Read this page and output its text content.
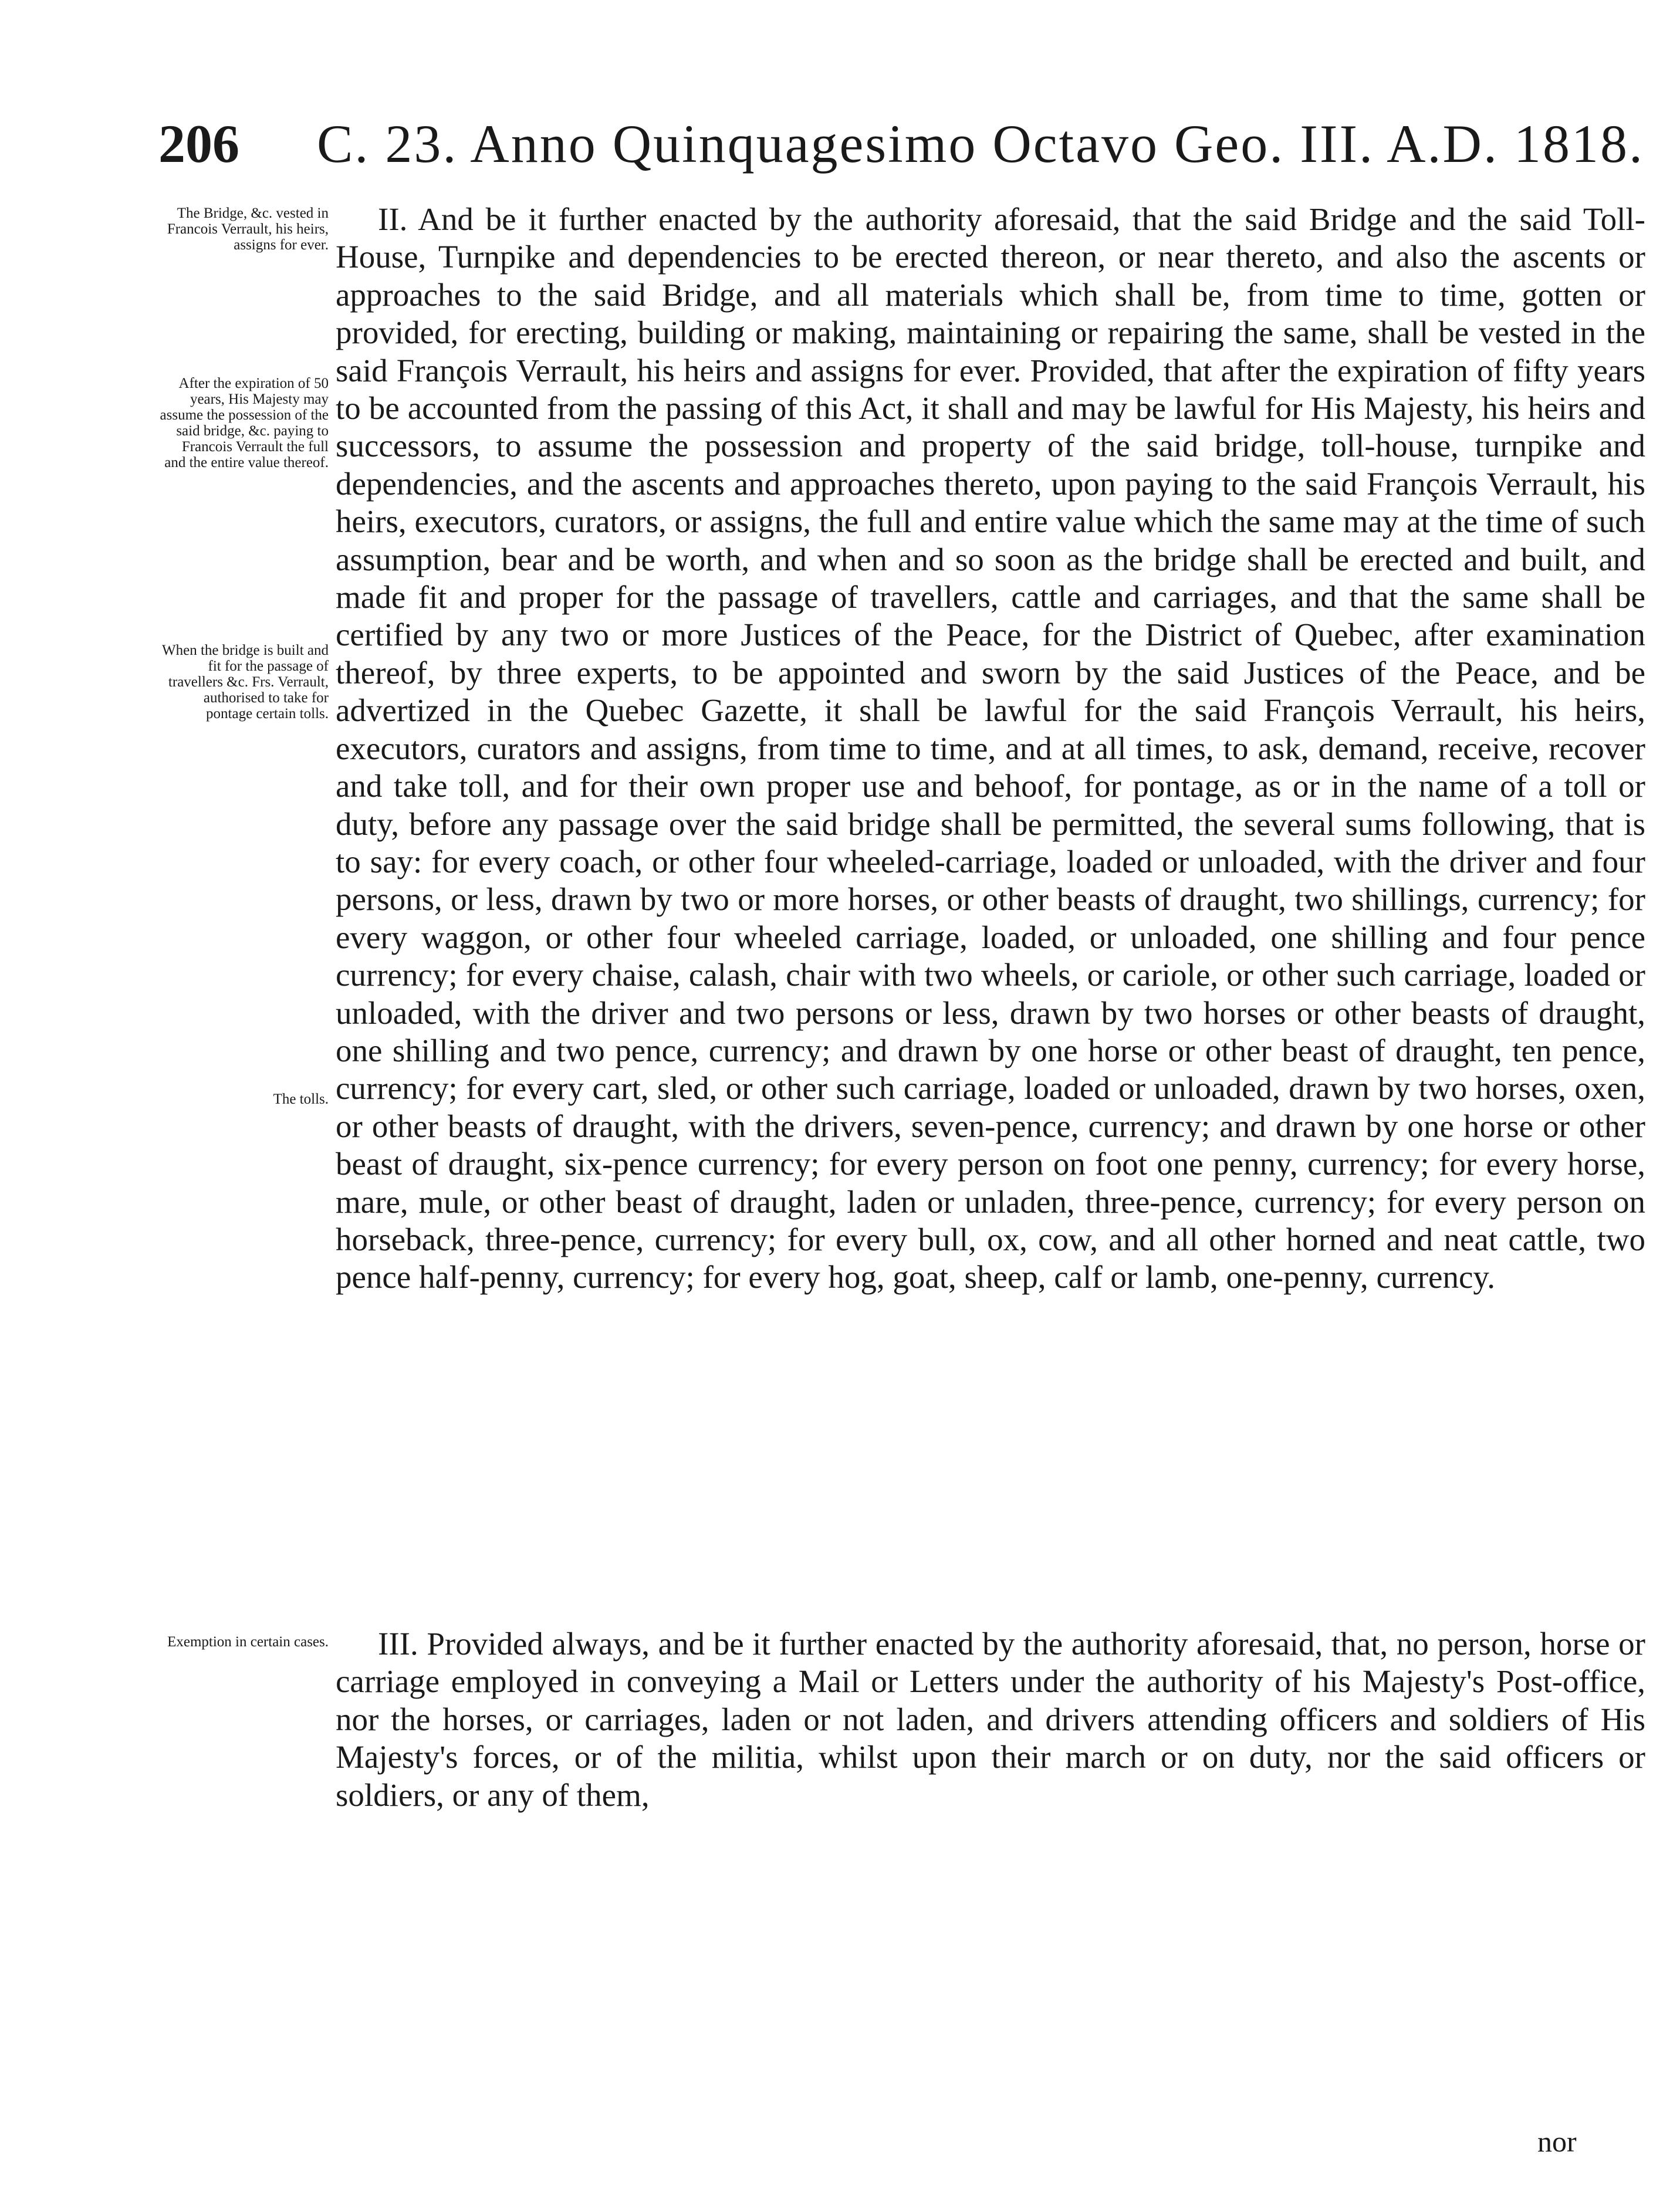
206 C. 23. Anno Quinquagesimo Octavo Geo. III. A.D. 1818.
The Bridge, &c. vested in Francois Verrault, his heirs, assigns for ever.
After the expiration of 50 years, His Majesty may assume the possession of the said bridge, &c. paying to Francois Verrault the full and the entire value thereof.
When the bridge is built and fit for the passage of travellers &c. Frs. Verrault, authorised to take for pontage certain tolls.
The tolls.
Exemption in certain cases.

II. And be it further enacted by the authority aforesaid, that the said Bridge and the said Toll-House, Turnpike and dependencies to be erected thereon, or near thereto, and also the ascents or approaches to the said Bridge, and all materials which shall be, from time to time, gotten or provided, for erecting, building or making, maintaining or repairing the same, shall be vested in the said François Verrault, his heirs and assigns for ever. Provided, that after the expiration of fifty years to be accounted from the passing of this Act, it shall and may be lawful for His Majesty, his heirs and successors, to assume the possession and property of the said bridge, toll-house, turnpike and dependencies, and the ascents and approaches thereto, upon paying to the said François Verrault, his heirs, executors, curators, or assigns, the full and entire value which the same may at the time of such assumption, bear and be worth, and when and so soon as the bridge shall be erected and built, and made fit and proper for the passage of travellers, cattle and carriages, and that the same shall be certified by any two or more Justices of the Peace, for the District of Quebec, after examination thereof, by three experts, to be appointed and sworn by the said Justices of the Peace, and be advertized in the Quebec Gazette, it shall be lawful for the said François Verrault, his heirs, executors, curators and assigns, from time to time, and at all times, to ask, demand, receive, recover and take toll, and for their own proper use and behoof, for pontage, as or in the name of a toll or duty, before any passage over the said bridge shall be permitted, the several sums following, that is to say: for every coach, or other four wheeled-carriage, loaded or unloaded, with the driver and four persons, or less, drawn by two or more horses, or other beasts of draught, two shillings, currency; for every waggon, or other four wheeled carriage, loaded, or unloaded, one shilling and four pence currency; for every chaise, calash, chair with two wheels, or cariole, or other such carriage, loaded or unloaded, with the driver and two persons or less, drawn by two horses or other beasts of draught, one shilling and two pence, currency; and drawn by one horse or other beast of draught, ten pence, currency; for every cart, sled, or other such carriage, loaded or unloaded, drawn by two horses, oxen, or other beasts of draught, with the drivers, seven-pence, currency; and drawn by one horse or other beast of draught, six-pence currency; for every person on foot one penny, currency; for every horse, mare, mule, or other beast of draught, laden or unladen, three-pence, currency; for every person on horseback, three-pence, currency; for every bull, ox, cow, and all other horned and neat cattle, two pence half-penny, currency; for every hog, goat, sheep, calf or lamb, one-penny, currency.

III. Provided always, and be it further enacted by the authority aforesaid, that, no person, horse or carriage employed in conveying a Mail or Letters under the authority of his Majesty's Post-office, nor the horses, or carriages, laden or not laden, and drivers attending officers and soldiers of His Majesty's forces, or of the militia, whilst upon their march or on duty, nor the said officers or soldiers, or any of them,

nor
